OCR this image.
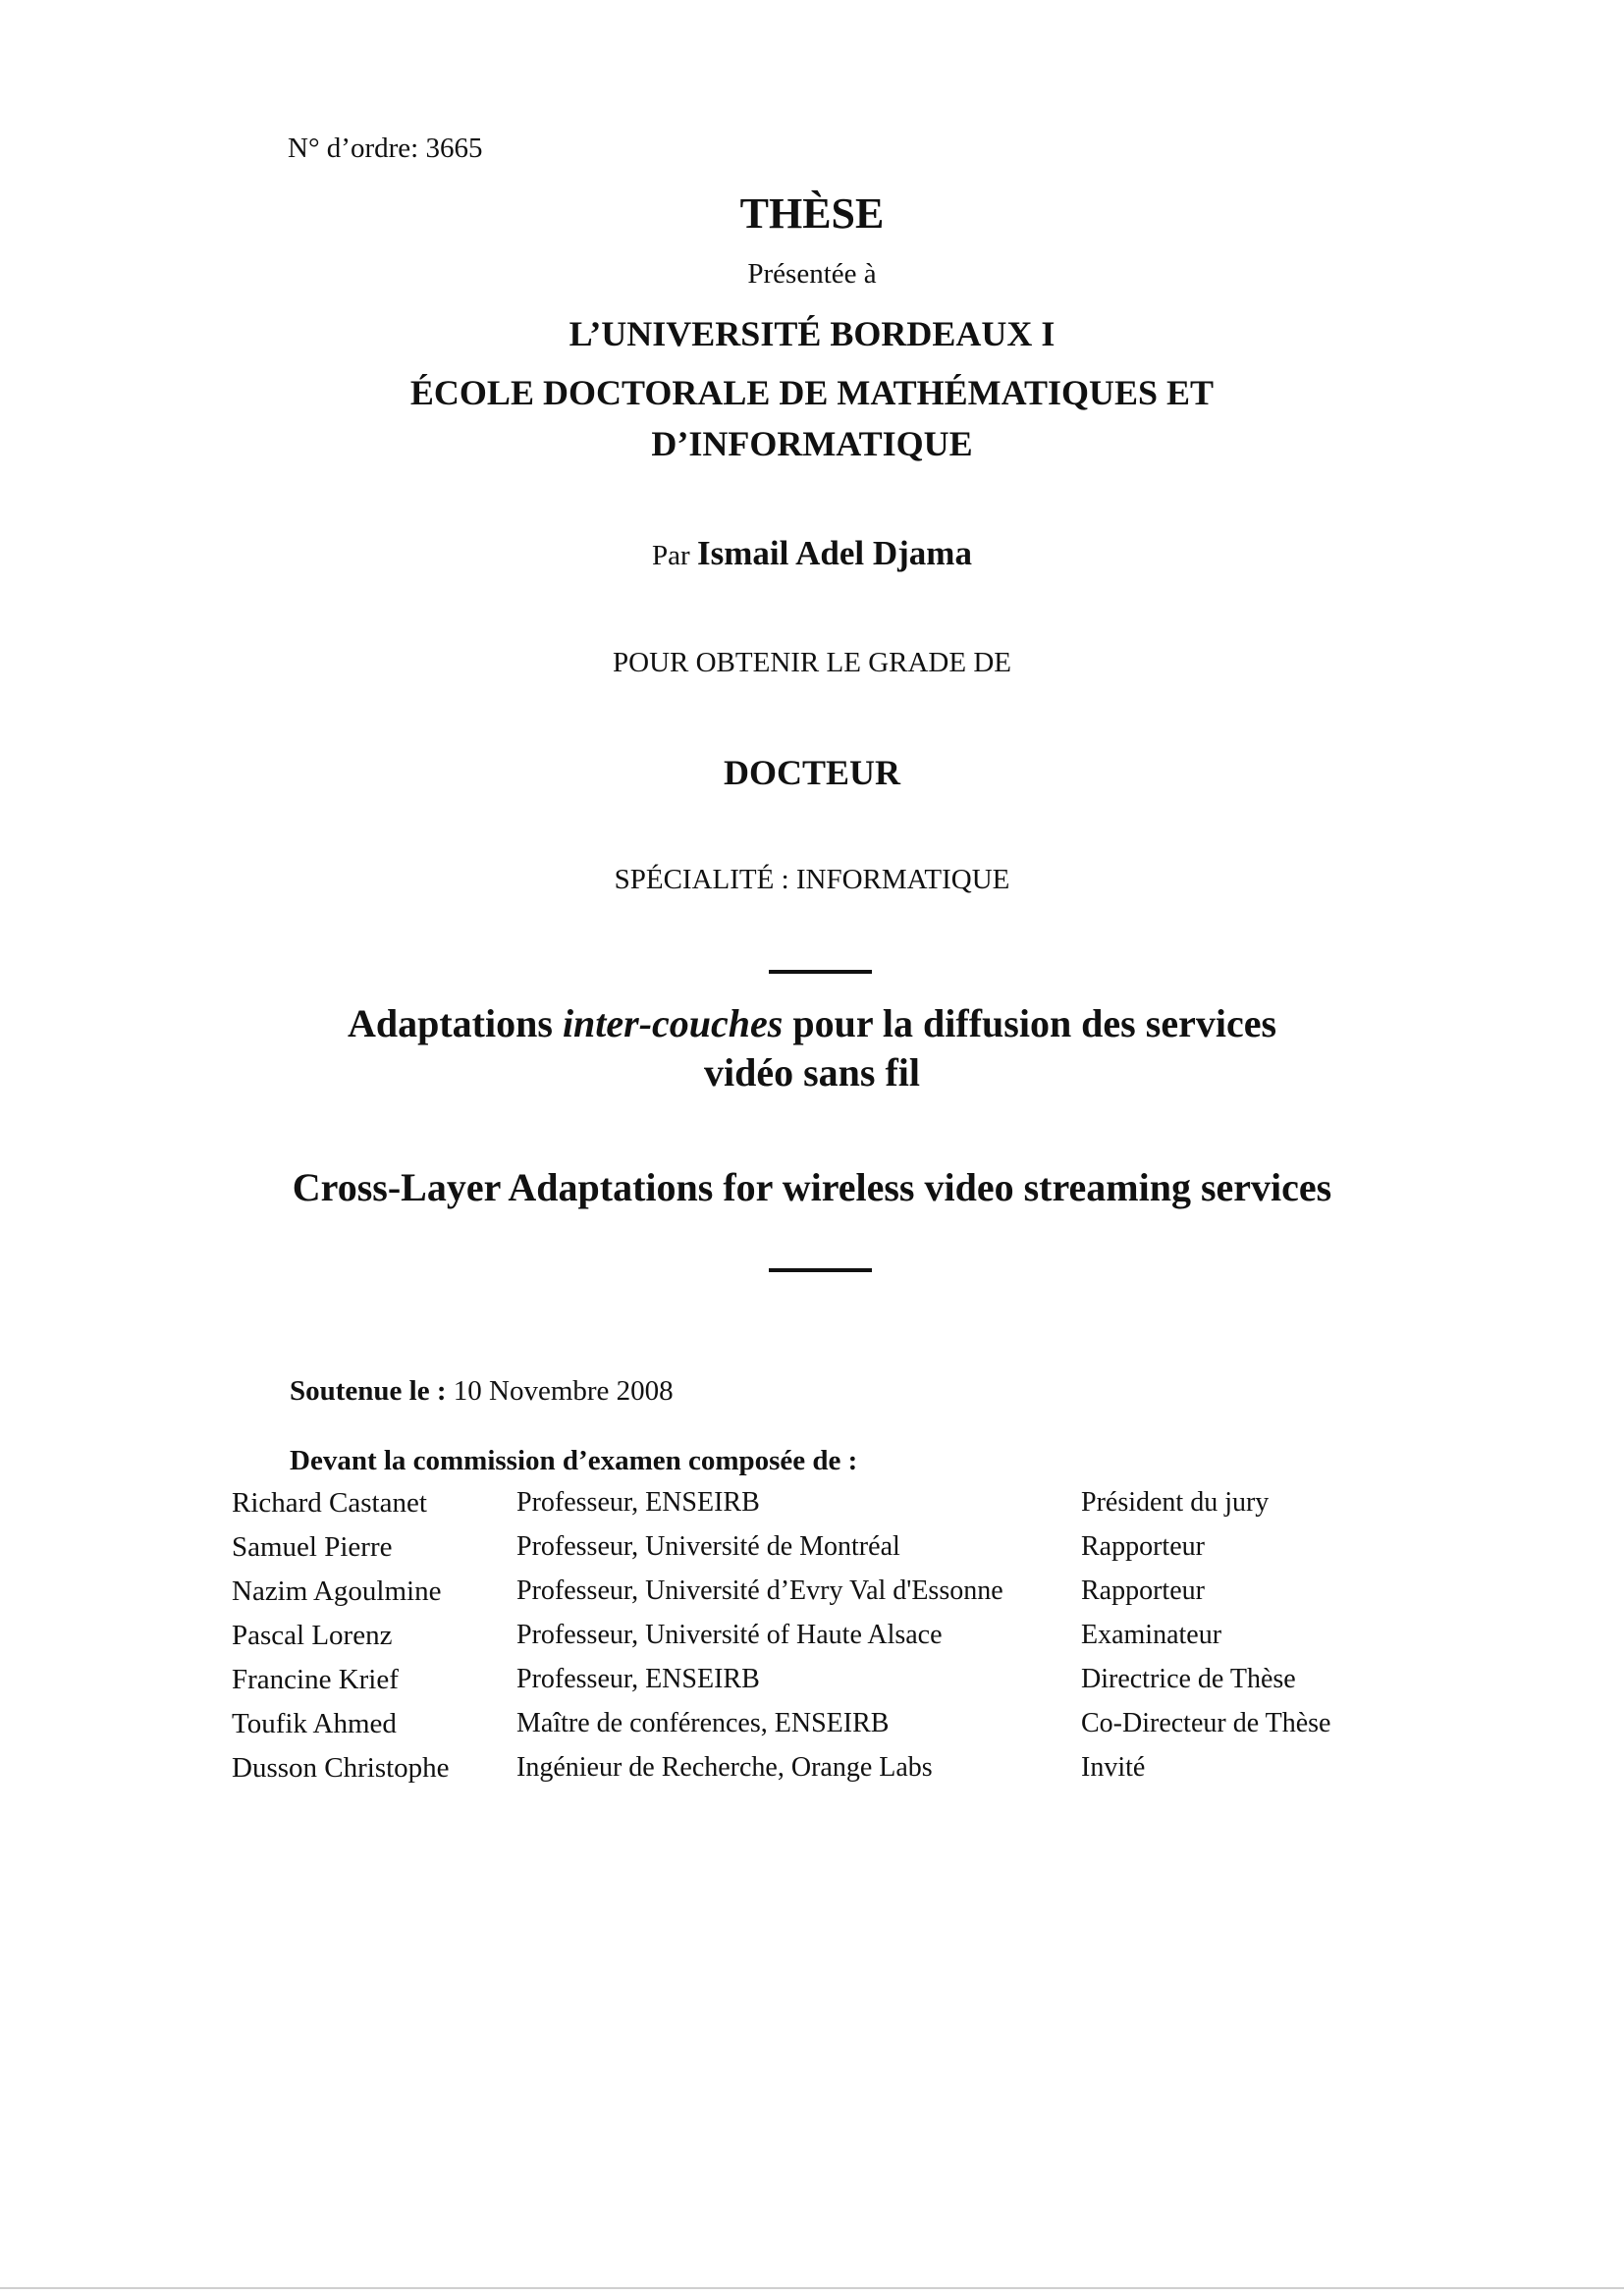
N° d’ordre: 3665
THÈSE
Présentée à
L’UNIVERSITÉ BORDEAUX I
ÉCOLE DOCTORALE DE MATHÉMATIQUES ET
D’INFORMATIQUE
Par Ismail Adel Djama
POUR OBTENIR LE GRADE DE
DOCTEUR
SPÉCIALITÉ : INFORMATIQUE
Adaptations inter-couches pour la diffusion des services
vidéo sans fil
Cross-Layer Adaptations for wireless video streaming services
Soutenue le : 10 Novembre 2008
Devant la commission d’examen composée de :
Richard Castanet	Professeur, ENSEIRB	Président du jury
Samuel Pierre	Professeur, Université de Montréal	Rapporteur
Nazim Agoulmine	Professeur, Université d’Evry Val d'Essonne	Rapporteur
Pascal Lorenz	Professeur, Université of Haute Alsace	Examinateur
Francine Krief	Professeur, ENSEIRB	Directrice de Thèse
Toufik Ahmed	Maître de conférences, ENSEIRB	Co-Directeur de Thèse
Dusson Christophe	Ingénieur de Recherche, Orange Labs	Invité
